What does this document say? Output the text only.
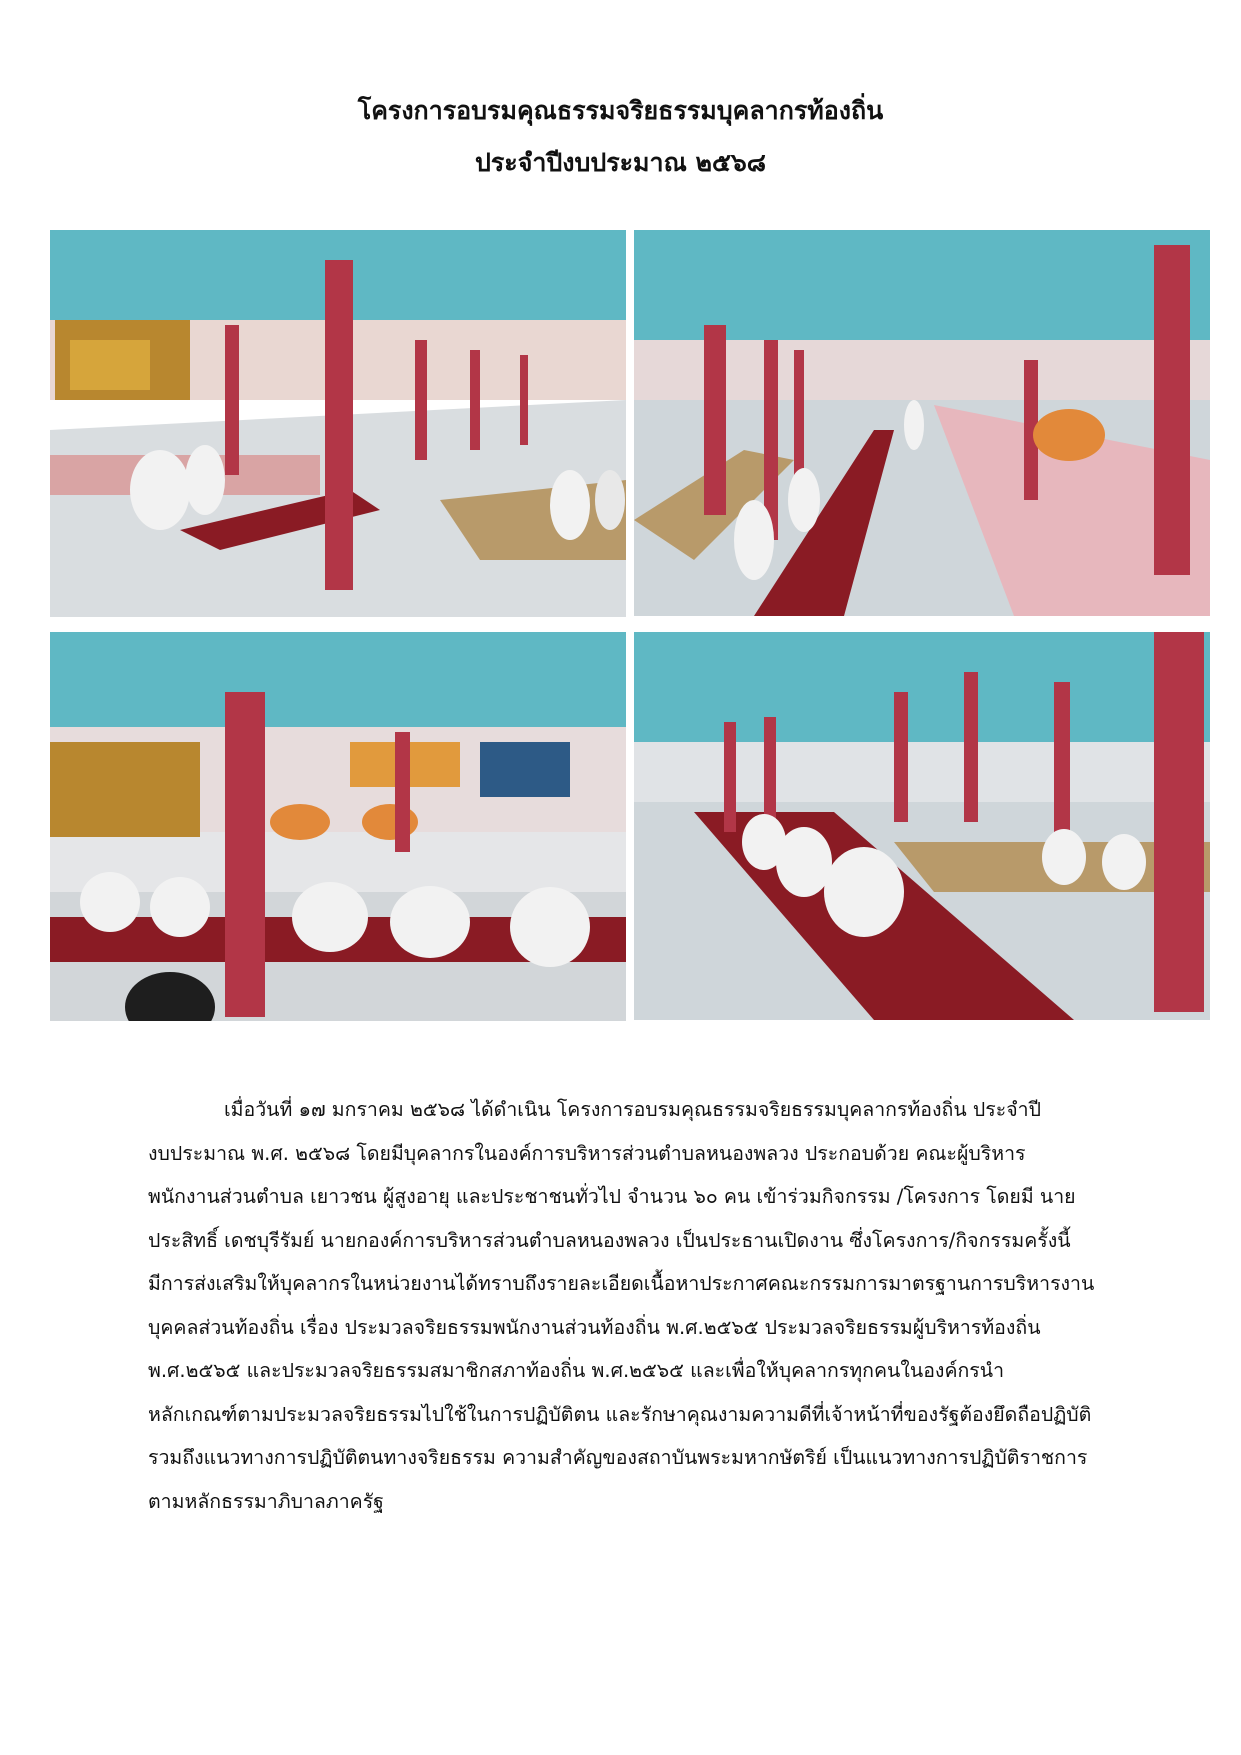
โครงการอบรมคุณธรรมจริยธรรมบุคลากรท้องถิ่น
ประจำปีงบประมาณ ๒๕๖๘
เมื่อวันที่ ๑๗ มกราคม ๒๕๖๘ ได้ดำเนิน โครงการอบรมคุณธรรมจริยธรรมบุคลากรท้องถิ่น ประจำปี
งบประมาณ พ.ศ. ๒๕๖๘ โดยมีบุคลากรในองค์การบริหารส่วนตำบลหนองพลวง ประกอบด้วย คณะผู้บริหาร
พนักงานส่วนตำบล เยาวชน ผู้สูงอายุ และประชาชนทั่วไป จำนวน ๖๐ คน เข้าร่วมกิจกรรม /โครงการ โดยมี นาย
ประสิทธิ์ เดชบุรีรัมย์ นายกองค์การบริหารส่วนตำบลหนองพลวง เป็นประธานเปิดงาน ซึ่งโครงการ/กิจกรรมครั้งนี้
มีการส่งเสริมให้บุคลากรในหน่วยงานได้ทราบถึงรายละเอียดเนื้อหาประกาศคณะกรรมการมาตรฐานการบริหารงาน
บุคคลส่วนท้องถิ่น เรื่อง ประมวลจริยธรรมพนักงานส่วนท้องถิ่น พ.ศ.๒๕๖๕ ประมวลจริยธรรมผู้บริหารท้องถิ่น
พ.ศ.๒๕๖๕ และประมวลจริยธรรมสมาชิกสภาท้องถิ่น พ.ศ.๒๕๖๕ และเพื่อให้บุคลากรทุกคนในองค์กรนำ
หลักเกณฑ์ตามประมวลจริยธรรมไปใช้ในการปฏิบัติตน และรักษาคุณงามความดีที่เจ้าหน้าที่ของรัฐต้องยึดถือปฏิบัติ
รวมถึงแนวทางการปฏิบัติตนทางจริยธรรม ความสำคัญของสถาบันพระมหากษัตริย์ เป็นแนวทางการปฏิบัติราชการ
ตามหลักธรรมาภิบาลภาครัฐ
